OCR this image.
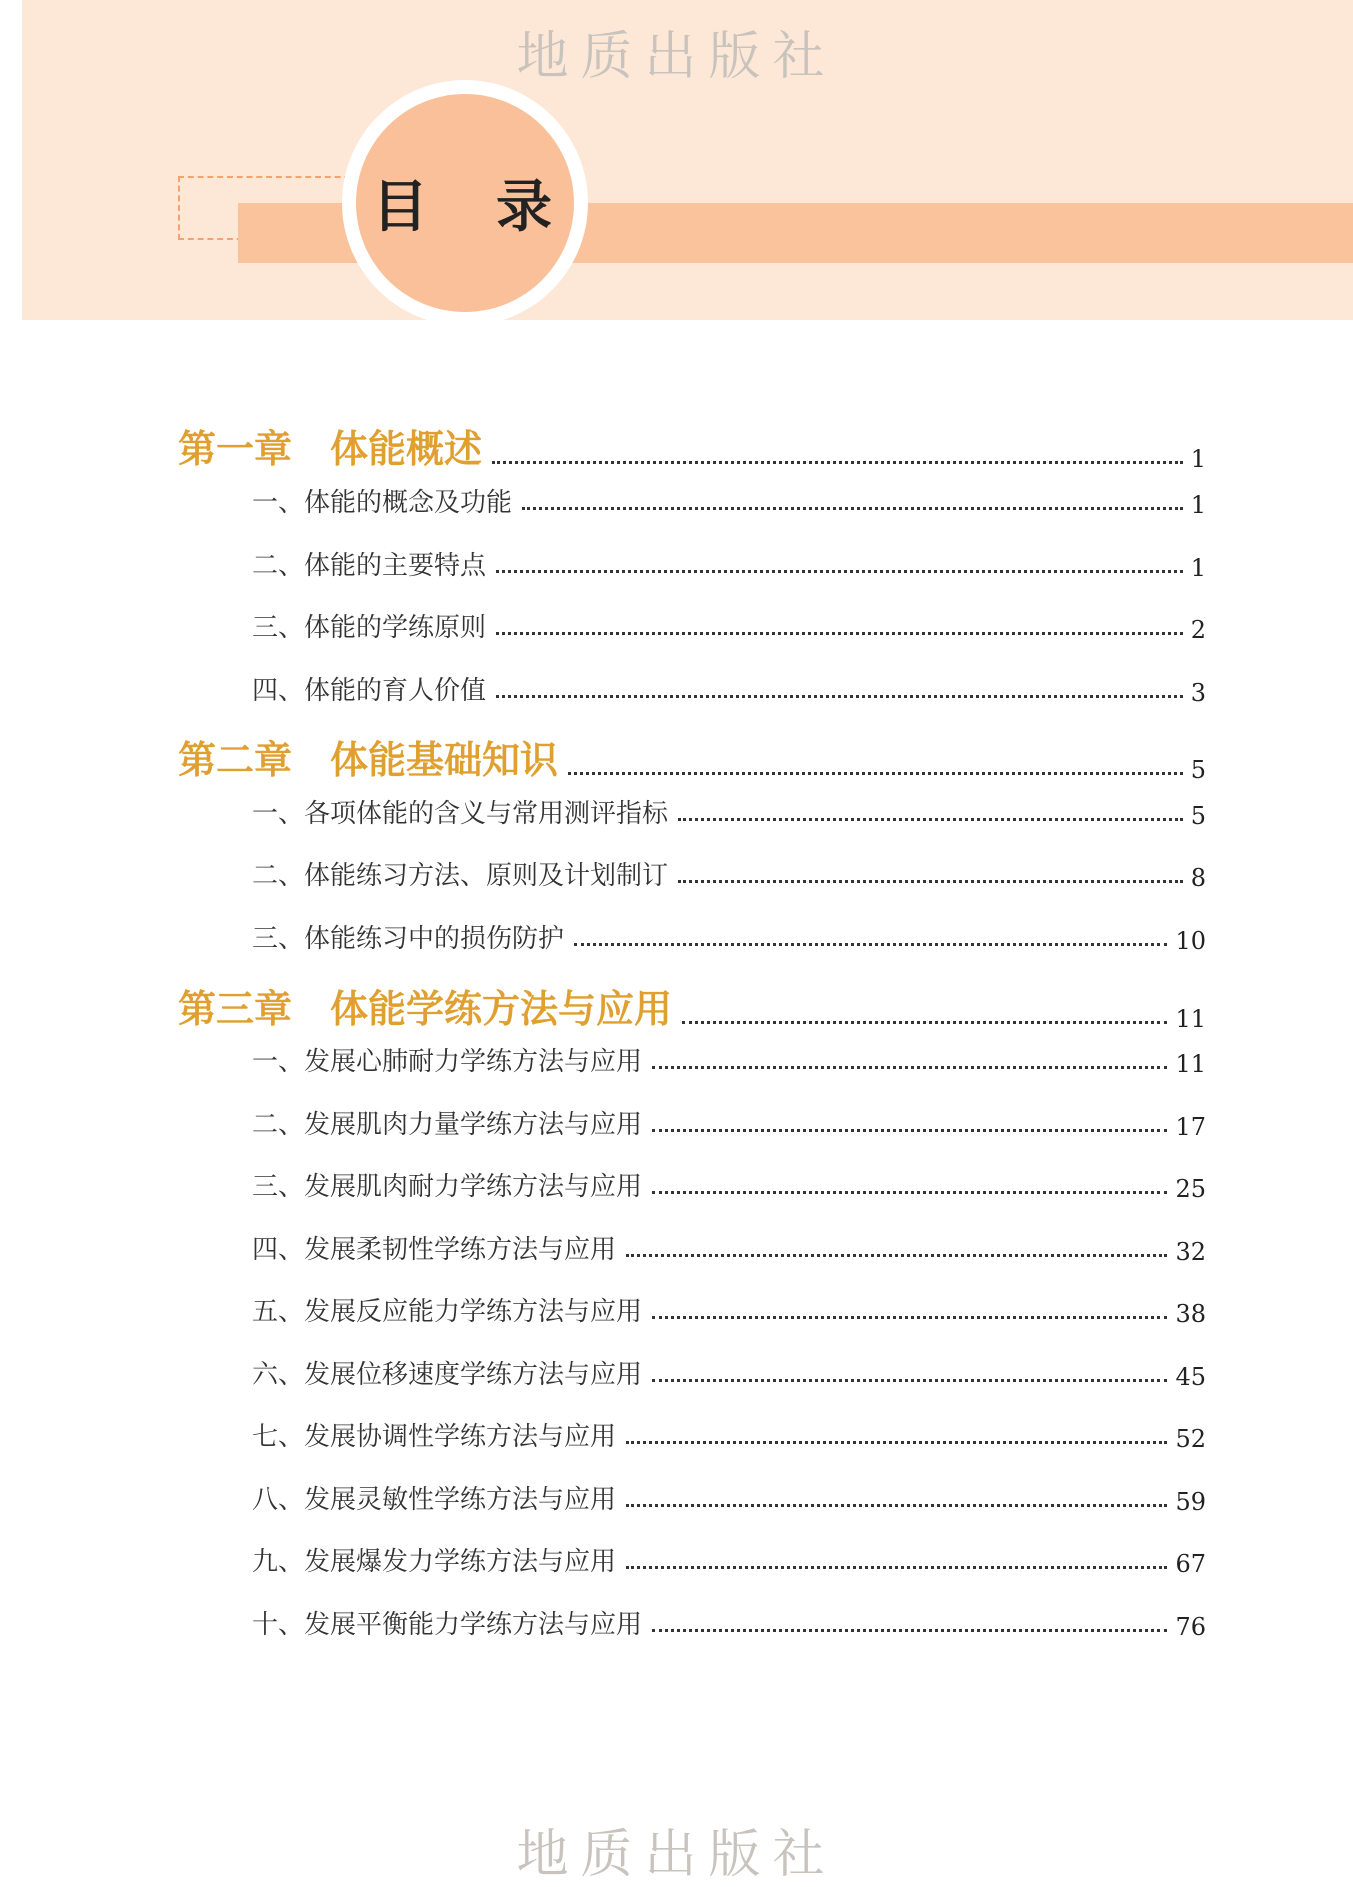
地质出版社
目　录
第一章　体能概述	1
一、体能的概念及功能	1
二、体能的主要特点	1
三、体能的学练原则	2
四、体能的育人价值	3
第二章　体能基础知识	5
一、各项体能的含义与常用测评指标	5
二、体能练习方法、原则及计划制订	8
三、体能练习中的损伤防护	10
第三章　体能学练方法与应用	11
一、发展心肺耐力学练方法与应用	11
二、发展肌肉力量学练方法与应用	17
三、发展肌肉耐力学练方法与应用	25
四、发展柔韧性学练方法与应用	32
五、发展反应能力学练方法与应用	38
六、发展位移速度学练方法与应用	45
七、发展协调性学练方法与应用	52
八、发展灵敏性学练方法与应用	59
九、发展爆发力学练方法与应用	67
十、发展平衡能力学练方法与应用	76
地质出版社
